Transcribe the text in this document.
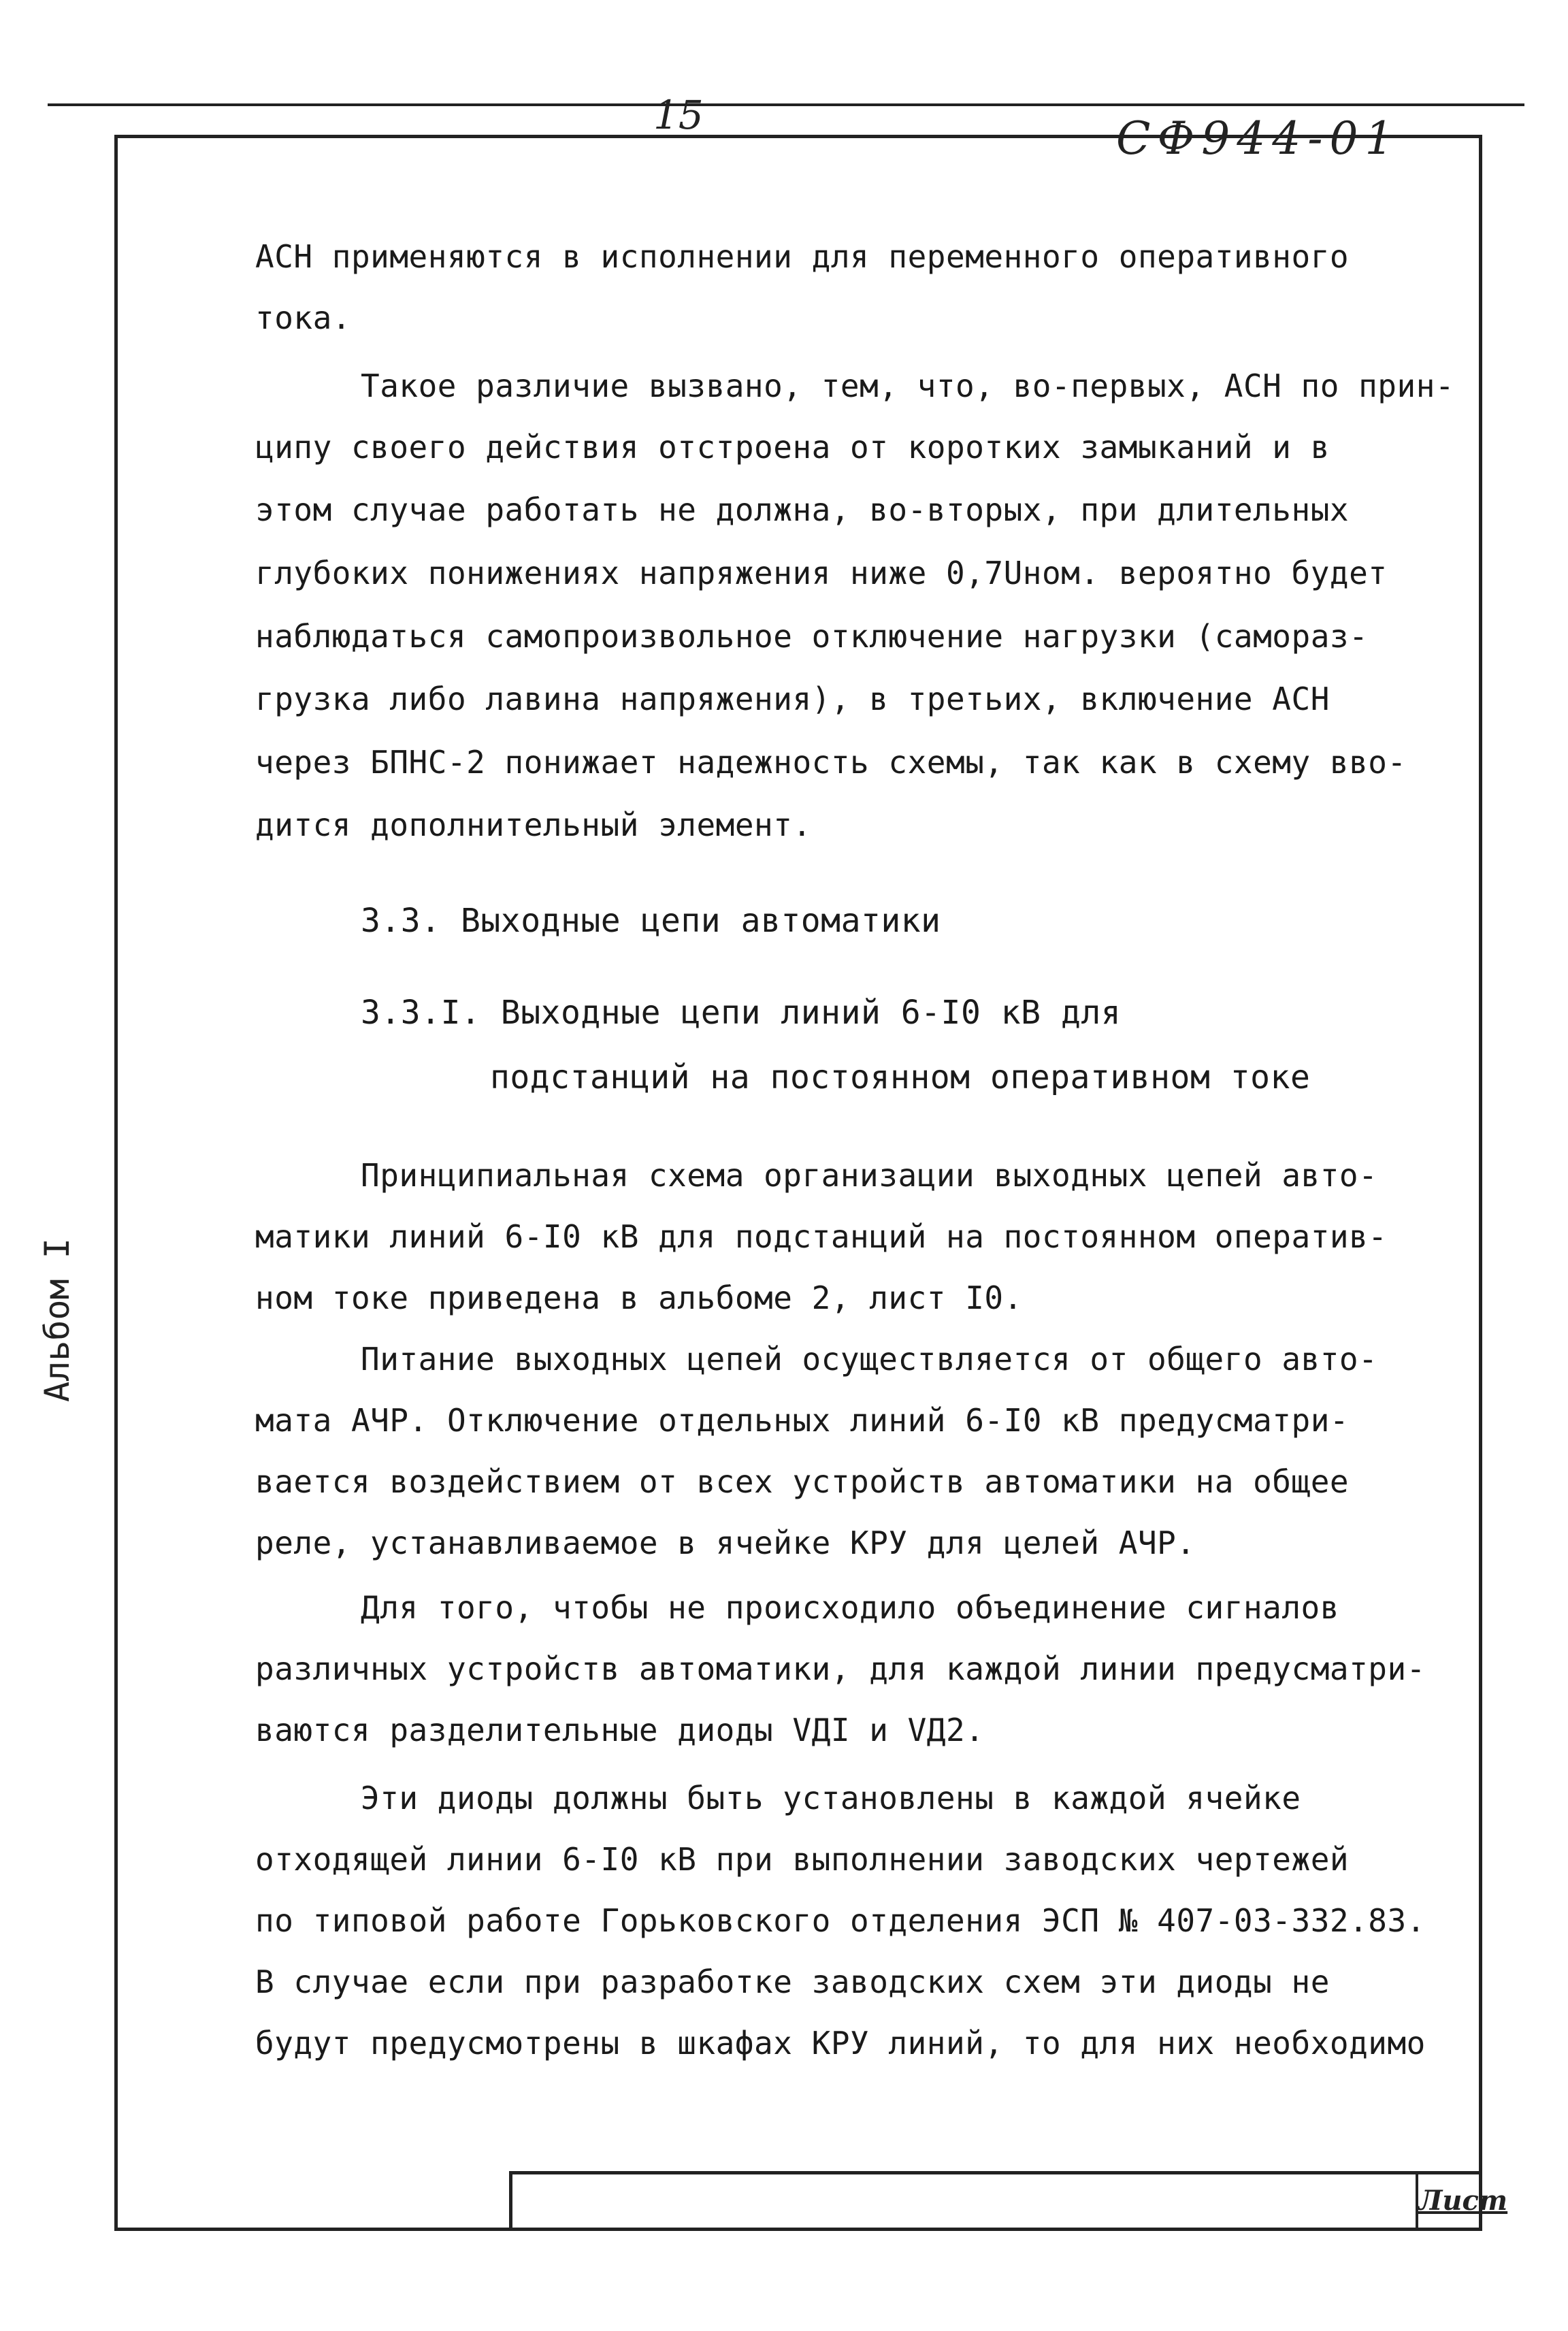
15	СФ944-01
Альбом I
АСН применяются в исполнении для переменного оперативного
тока.
Такое различие вызвано, тем, что, во-первых, АСН по прин-
ципу своего действия отстроена от коротких замыканий и в
этом случае работать не должна, во-вторых, при длительных
глубоких понижениях напряжения ниже 0,7Uном. вероятно будет
наблюдаться самопроизвольное отключение нагрузки (самораз-
грузка либо лавина напряжения), в третьих, включение АСН
через БПНС-2 понижает надежность схемы, так как в схему вво-
дится дополнительный элемент.
3.3. Выходные цепи автоматики
3.3.I. Выходные цепи линий 6-I0 кВ для
подстанций на постоянном оперативном токе
Принципиальная схема организации выходных цепей авто-
матики линий 6-I0 кВ для подстанций на постоянном оператив-
ном токе приведена в альбоме 2, лист I0.
Питание выходных цепей осуществляется от общего авто-
мата АЧР. Отключение отдельных линий 6-I0 кВ предусматри-
вается воздействием от всех устройств автоматики на общее
реле, устанавливаемое в ячейке КРУ для целей АЧР.
Для того, чтобы не происходило объединение сигналов
различных устройств автоматики, для каждой линии предусматри-
ваются разделительные диоды VДI и VД2.
Эти диоды должны быть установлены в каждой ячейке
отходящей линии 6-I0 кВ при выполнении заводских чертежей
по типовой работе Горьковского отделения ЭСП № 407-03-332.83.
В случае если при разработке заводских схем эти диоды не
будут предусмотрены в шкафах КРУ линий, то для них необходимо
Лист
